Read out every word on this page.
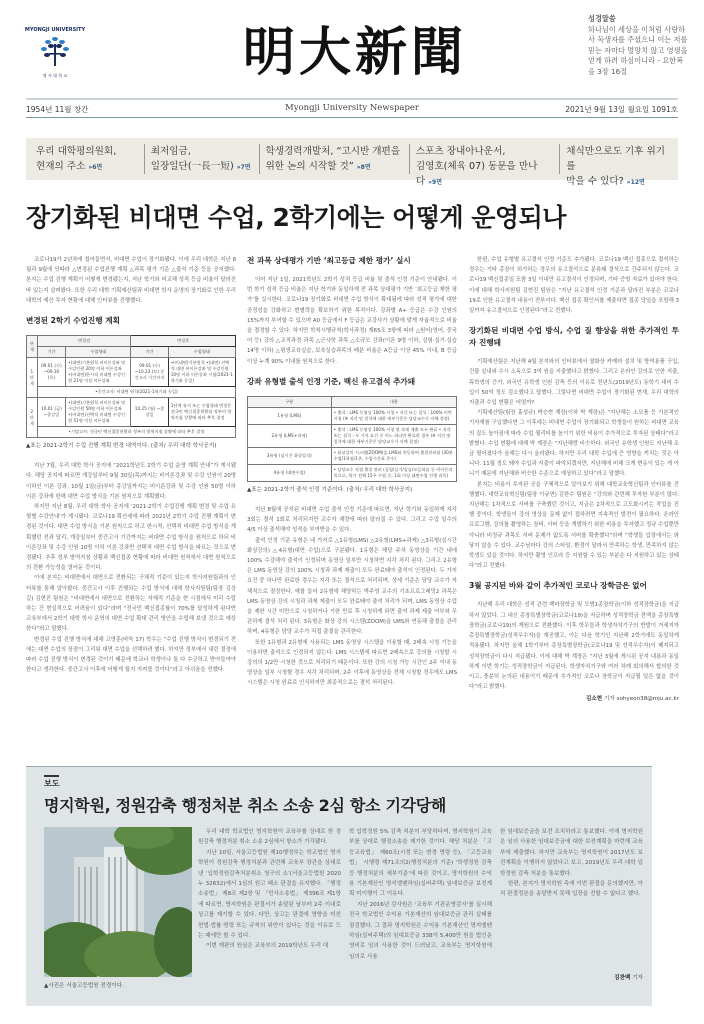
MYONGJI UNIVERSITY
명 지 대 학 교	明大新聞
성경말씀
하나님이 세상을 이처럼 사랑하사 독생자를 주셨으니 이는 저를 믿는 자마다 멸망치 않고 영생을 얻게 하려 하심이니라 - 요한복음 3장 16절
1954년 11월 창간	Myongji University Newspaper	2021년 9월 13일 월요일 1091호
우리 대학평의원회,
현재의 주소 »6면
최저임금,
일장일단(一長一短) »7면
학생경력개발처, “고시반 개편을
위한 논의 시작할 것” »8면
스포츠 장내아나운서,
김영호(체육 07) 동문을 만나다 »9면
채식만으로도 기후 위기를
막을 수 있다? »12면
장기화된 비대면 수업, 2학기에는 어떻게 운영되나

코로나19가 2년차에 접어들면서, 비대면 수업이 장기화됐다. 이에 우리 대학은 지난 8월과 9월에 잇따라 △변경된 수업진행 계획 △과목 평가 기준 △출석 기준 등을 공지했다. 본지는 수업 진행 계획이 어떻게 변경됐는지, 지난 학기와 비교해 성적 등급 비율이 달라진 바 있는지 살펴봤다. 또한 우리 대학 기획예산팀과 비대면 학사 운영의 장기화로 인한 우리 대학의 예산 투자 현황에 대해 인터뷰를 진행했다.

변경된 2학기 수업진행 계획
단계	변경전		변경후	
	기간	수업형태	기간	수업형태
1단계	09.01 (수) ~09.30 (목)	•(대면)기본원칙 비이론강좌 및 수강인원 20명 이하 이론강좌 •(비대면)한시적 비대면 수강인원 21명 이상 이론강좌	09.01 (수) ~10.23 (토) 중간고사 기간까지	•(비대면)기본원칙 •(대면) 선택적 대면 비이론강좌 및 수강인원 10명 이하 이론강좌 시험(2021-1학기와 동일)
	•중간고사: 비대면 원칙(2021-1학기와 동일)			
2단계	10.01 (금) ~종강일	•(대면)기본원칙 비이론강좌 및 수강인원 50명 이하 이론강좌 •(비대면)선택적 비대면 수강인원 51명 이상 이론강좌	10.25 (월) ~종강일	1단계 유지 또는 수업형태 변경은 전국민 백신접종현황과 정부의 방역지침 상황에 따라 추후 결정
	•기말고사: 전국민 백신접종현황과 정부의 방역지침 상황에 따라 추후 결정			
▲표는 2021-2학기 수업 진행 계획 변경 내역이다. (출처/ 우리 대학 학사공지)

지난 7월, 우리 대학 학사 공지에 “2021학년도 2학기 수업 운영 계획 안내”가 게시됐다. 해당 공지에 따르면 개강일부터 9월 30일(목)까지는 비이론강좌 및 수강 인원이 20명 이하인 이론 강좌, 10월 1일(금)부터 종강일까지는 비이론강좌 및 수강 인원 50명 이하 이론 강좌에 한해 대면 수업 방식을 기본 원칙으로 계획했다.

하지만 지난 8월, 우리 대학 학사 공지에 ‘2021-2학기 수업진행 계획 변경 및 수업 유형별 수강안내’가 게시됐다. 코로나19 확산세에 따라 2021년 2학기 수업 진행 계획이 변경된 것이다. 대면 수업 방식을 기본 원칙으로 하고 한시적, 선택적 비대면 수업 방식을 계획했던 전과 달리, 개강일부터 중간고사 기간까지는 비대면 수업 방식을 원칙으로 하되 비이론강좌 및 수강 인원 10명 이하 이론 강좌만 선택적 대면 수업 방식을 따르는 것으로 변경됐다. 추후 정부 방역지침 상황과 백신접종 현황에 따라 비대면 원칙에서 대면 원칙으로의 전환 가능성을 열어둔 것이다.

이에 본지는 비대면에서 대면으로 전환되는 구체적 기준이 있는지 학사지원팀과의 인터뷰를 통해 알아봤다. 중간고사 이후 진행되는 수업 방식에 대해 학사지원팀(팀장 김상길) 김현진 팀원은 “비대면에서 대면으로 전환하는 자체적 기준을 현 시점에서 미리 수립하는 건 현실적으로 어려움이 있다”라며 “전국민 백신접종률이 70%를 달성하게 된다면 교육부에서 2학기 대학 학사 운영의 대면 수업 확대 관리 방안을 수립해 보낼 것으로 예상한다”라고 말했다.

변경된 수업 진행 방식에 대해 고영훈(바둑 17) 학우는 “수업 진행 방식이 변경되기 전에는 대면 수업의 장점이 그리워 대면 수업을 선택하려 했다. 하지만 정부에서 내린 결정에 따라 수업 진행 방식이 변경된 것이기 때문에 학교나 학생이나 둘 다 수긍하고 받아들여야 한다고 생각한다. 중간고사 이후에 어떻게 될지 지켜볼 것이다”라고 아쉬움을 전했다.

전 과목 상대평가 기반 ‘최고등급 제한 평가’ 실시

이어 지난 1일, 2021학년도 2학기 성적 등급 비율 및 출석 인정 기준이 안내됐다. 이번 학기 성적 등급 비율은 지난 학기와 동일하게 전 과목 상대평가 기반 ‘최고등급 제한 평가’를 실시한다. 코로나19 장기화로 비대면 수업 방식이 확대됨에 따라 성적 평가에 대한 공정성을 강화하고 변별력을 확보하기 위한 목적이다. 강좌별 A+ 등급은 수강 인원의 15%까지 부여할 수 있으며 A0 등급에서 F 등급은 교강사가 상황에 맞게 자율적으로 비율을 결정할 수 있다. 하지만 학칙시행규칙(학사과정) 제65조 3항에 따라 △원어(영어, 중국어 등) 강의 △교직과정 과목 △군사학 과목 △소규모 강좌(이론 9명 이하, 실험·실기·실습 14명 이하) △평생교육실습, 보육실습과목의 배분 비율은 A등급 이상 45% 이내, B 등급 이상 누계 90% 이내를 원칙으로 한다.

강좌 유형별 출석 인정 기준, 백신 유고결석 추가돼
구분	내용
1유형 (LMS)	• 출석 : LMS 동영상 100% 시청 • 지각 또는 결석 : 100% 미만 시청 (※ 지각 및 결석에 대한 세부기준은 담당교수가 자체 결정)
2유형 (LMS+과제)	• 출석 : LMS 동영상 100% 시청 및 과제 제출 모두 완료 • 지각 또는 결석 : 두 가지 요건 중 어느 하나만 완료한 경우 (※ 지각 및 결석에 대한 세부기준은 담당교수가 자체 결정)
3유형 (실시간 화상강의)	• 화상강의 시스템(ZOOM)을 LMS와 연동하여 출결관리함 (30분수업/1학점/1주, 수업시간표 준수)
4유형 (대면수업)	• 담당교수 직접 출결 관리 (실험/실기/실습/모둠학습 등 비이론과목으로, 학기 전체 15주 수업 중, 1회 이상 대면수업 진행 과목)
▲표는 2021-2학기 출석 인정 기준이다. (출처/ 우리 대학 학사공지)

지난 8월에 공지된 비대면 수업 출석 인정 기준에 따르면, 지난 학기와 동일하게 지각 3회는 결석 1회로 처리되지만 교수자 재량에 따라 달라질 수 있다. 그리고 수업 일수의 4/5 이상 출석해야 성적을 부여받을 수 있다.

출석 인정 기준 유형은 네 가지로 △1유형(LMS) △2유형(LMS+과제) △3유형(실시간 화상강의) △4유형(대면 수업)으로 구분됐다. 1유형은 해당 주차 동영상을 기간 내에 100% 수강해야 출석이 인정되며 동영상 일부만 시청하면 지각 처리 된다. 그리고 2유형은 LMS 동영상 강의 100% 시청과 과제 제출이 모두 완료돼야 출석이 인정된다. 두 가지 요건 중 하나만 완료한 경우는 지각 또는 결석으로 처리되며, 상세 기준은 담당 교수가 자체적으로 결정한다. 예를 들어 2유형에 해당하는 박주영 교수의 기초프로그래밍2 과목은 LMS 동영상 강의 시청과 과제 제출이 모두 완료돼야 출석 처리가 되며, LMS 동영상 수업을 제한 시간 미만으로 시청하거나 기한 만료 후 시청하게 되면 출석 과제 제출 여부와 무관하게 결석 처리 된다. 3유형은 화상 강의 시스템(ZOOM)을 LMS와 연동해 출결을 관리하며, 4유형은 담당 교수가 직접 출결을 관리한다.

또한 1유형과 2유형에 사용되는 LMS 동영상 시스템을 이용할 때, 2배속 시청 기능을 이용하면 출석으로 인정되지 않는다. LMS 시스템에 따르면 2배속으로 강의를 시청할 시 강의의 1/2만 시청한 것으로 처리되기 때문이다. 또한 강의 시청 가능 시간인 2주 이내 동영상을 일부 시청할 경우 지각 처리되며, 2주 이후에 동영상을 전체 시청할 경우에도 LMS 시스템은 시청 완료로 인식하지만 최종적으로는 결석 처리된다.

한편, 수업 유형별 유고결석 인정 기준도 추가됐다. 코로나19 백신 접종으로 결석하는 경우는 기타 총장이 허가하는 경우의 유고결석으로 분류돼 결석으로 간주되지 않는다. 코로나19 백신접종일 포함 3일 이내만 유고결석이 인정되며, 기타 증빙 자료가 있어야 한다. 이에 대해 학사지원팀 김현진 팀원은 “지난 유고결석 인정 기준과 달라진 부분은 코로나19로 인한 유고결석 내용이 전부이다. 백신 접종 확인서를 제출하면 접종 당일을 포함해 3일까지 유고결석으로 인정된다”라고 전했다.

장기화된 비대면 수업 방식, 수업 질 향상을 위한 추가적인 투자 진행돼

기획예산팀은 지난해 4월 본지와의 인터뷰에서 열화상 카메라 설치 및 방역용품 구입, 건물 실내외 수시 소독으로 3억 원을 지출했다고 밝혔다. 그리고 온라인 강의로 인한 지출, 휴학생의 증가, 외국인 유학생 인원 감축 등의 이유로 전년도(2019년도) 동학기 대비 수입이 50억 정도 감소했다고 답했다. 그렇다면 비대면 수업이 장기화된 현재, 우리 대학의 지출과 수입 현황은 어떨까?

기획예산팀(팀장 홍성규) 박승현 계장(이하 박 계장)은 “지난해는 소모품 등 기본적인 기자재를 구입했다면 그 이후에는 비대면 수업이 장기화되고 학생들이 원하는 비대면 교육의 질도 높아짐에 따라 수업 퀄리티를 높이기 위한 비용이 추가적으로 투자된 상태다”라고 밝혔다. 수입 현황에 대해 박 계장은 “지난해랑 비슷하다. 외국인 유학생 인원도 지난해 조금 떨어졌다가 올해는 다시 올라왔다. 하지만 우리 대학 수입에 큰 영향을 끼치는 것은 아니다. 11월 정도 돼야 수입과 지출이 파악되겠지만, 지난해에 비해 크게 변동이 있는 게 아니기 때문에 지난해와 비슷한 수준으로 예상하고 있다”라고 말했다.

본지는 비용이 투자된 곳을 구체적으로 알아보기 위해 대학교육혁신팀과 인터뷰를 진행했다. 대학교육혁신팀(팀장 이규연) 김한수 팀원은 “강의와 관련해 투자한 부분이 많다. 지난해는 1차적으로 서버를 구축했던 것이고, 지금은 2차적으로 고도화시키는 작업을 진행 중이다. 학생들이 강의 영상을 문제 없이 접하려면 지속적인 발전이 필요하다. 온라인 프로그램, 강의를 촬영하는 장비, 서버 등을 개발하기 위한 비용을 투자했고 정규 수업뿐만 아니라 비정규 과목도 서버 문제가 없도록 서버를 확충했다”라며 “학생들 입장에서는 와닿지 않을 수 있다. 교수님마다 강의 스타일, 환경이 달라서 만족하는 학생, 만족하지 않는 학생도 있을 것이다. 하지만 촬영 인프라 등 지원할 수 있는 부분은 다 지원하고 있는 상태다”라고 전했다.

3월 공지된 바와 같이 추가적인 코로나 장학금은 없어

지난해 우리 대학은 성적 관련 백마장학금 및 모범1종장학금(이하 성적장학금)을 지급하지 않았다. 그 대신 총장특별장학금(코로나19)을 지급하며 성적장학금 전액을 총장특별장학금(코로나19)의 재원으로 전환했다. 이후 학우들과 학생자치기구의 반발이 거세지자 총장특별장학금(성적우수자)을 재공했고, 이는 다음 학기인 지난해 2학기에도 동일하게 적용됐다. 하지만 올해 1학기부터 총장특별장학금(코로나19 및 성적우수자)이 폐지되고 성적장학금이 다시 지급됐다. 이에 대해 박 계장은 “지난 3월에 게시된 공지 내용과 동일하게 이번 학기는 성적장학금이 지급된다. 학생자치기구와 여러 차례 회의해서 합의한 것이고, 충분히 논의된 내용이기 때문에 추가적인 코로나 장학금이 지급될 일은 없을 것이다”라고 밝혔다.

김소현 기자 sohyeon38@mju.ac.kr
보도
명지학원, 정원감축 행정처분 취소 소송 2심 항소 기각당해
▲사진은 서울고등법원 전경이다.

우리 대학 학교법인 명지학원이 교육부를 상대로 한 정원감축 행정처분 취소 소송 2심에서 항소가 기각됐다.

지난 10일, 서울고등법원 제10행정부는 학교법인 명지학원이 정원감축 행정처분과 관련해 교육부 장관을 상대로 낸 ‘입학정원감축처분취소 청구의 소’(서울고등법원 2020 누 32632)에서 1심의 원고 패소 판결을 유지했다. 「행정소송법」 제8조 제2항 및 「민사소송법」 제396조 제1항에 따르면, 명지학원은 판결서가 송달된 날부터 2주 이내로 상고를 제기할 수 있다. 다만, 상고는 판결에 영향을 미친 헌법·법률·명령 또는 규칙의 위반이 있다는 것을 이유로 드는 때에만 할 수 있다.

이번 재판의 원심은 교육부의 2019학년도 우리 대

학 입학정원 5% 감축 처분이 부당하다며, 명지학원이 교육부를 상대로 행정소송을 제기한 것이다. 해당 처분은 「고등교육법」 제60조(시정 또는 변경 명령 등), 「고등교육법」 시행령 제71조의2(행정처분의 기준) ‘학생정원 감축 등 행정처분의 세부기준’에 따른 것이고, 명지학원의 수익용 기본재산인 명지엘펜하임(실버주택) 임대보증금 보전계획 미이행이 그 이유다.

지난 2016년 감사원은 ‘교육부 기관운영감사’를 실시해 전국 학교법인 수익용 기본재산의 임대보증금 관리 실태를 점검했다. 그 결과 명지학원은 수익용 기본재산인 명지엘펜하임(실버주택)의 임대보증금 338억 5,400만 원을 법인운영비로 임의 사용한 것이 드러났고, 교육부는 명지학원에 임의로 사용

한 임대보증금을 보전 조치하라고 통보했다. 이에 명지학원은 임의 사용한 임대보증금에 대한 보전계획을 마련해 교육부에 제출했다. 하지만 교육부는 명지학원이 2017년도 보전계획을 이행하지 않았다고 보고, 2019년도 우리 대학 입학정원 감축 처분을 통보했다.

한편, 본지가 명지학원 측에 이번 판결을 문의했지만, 아직 판결정본을 송달받지 못해 입장을 전할 수 없다고 했다.

김찬백 기자
